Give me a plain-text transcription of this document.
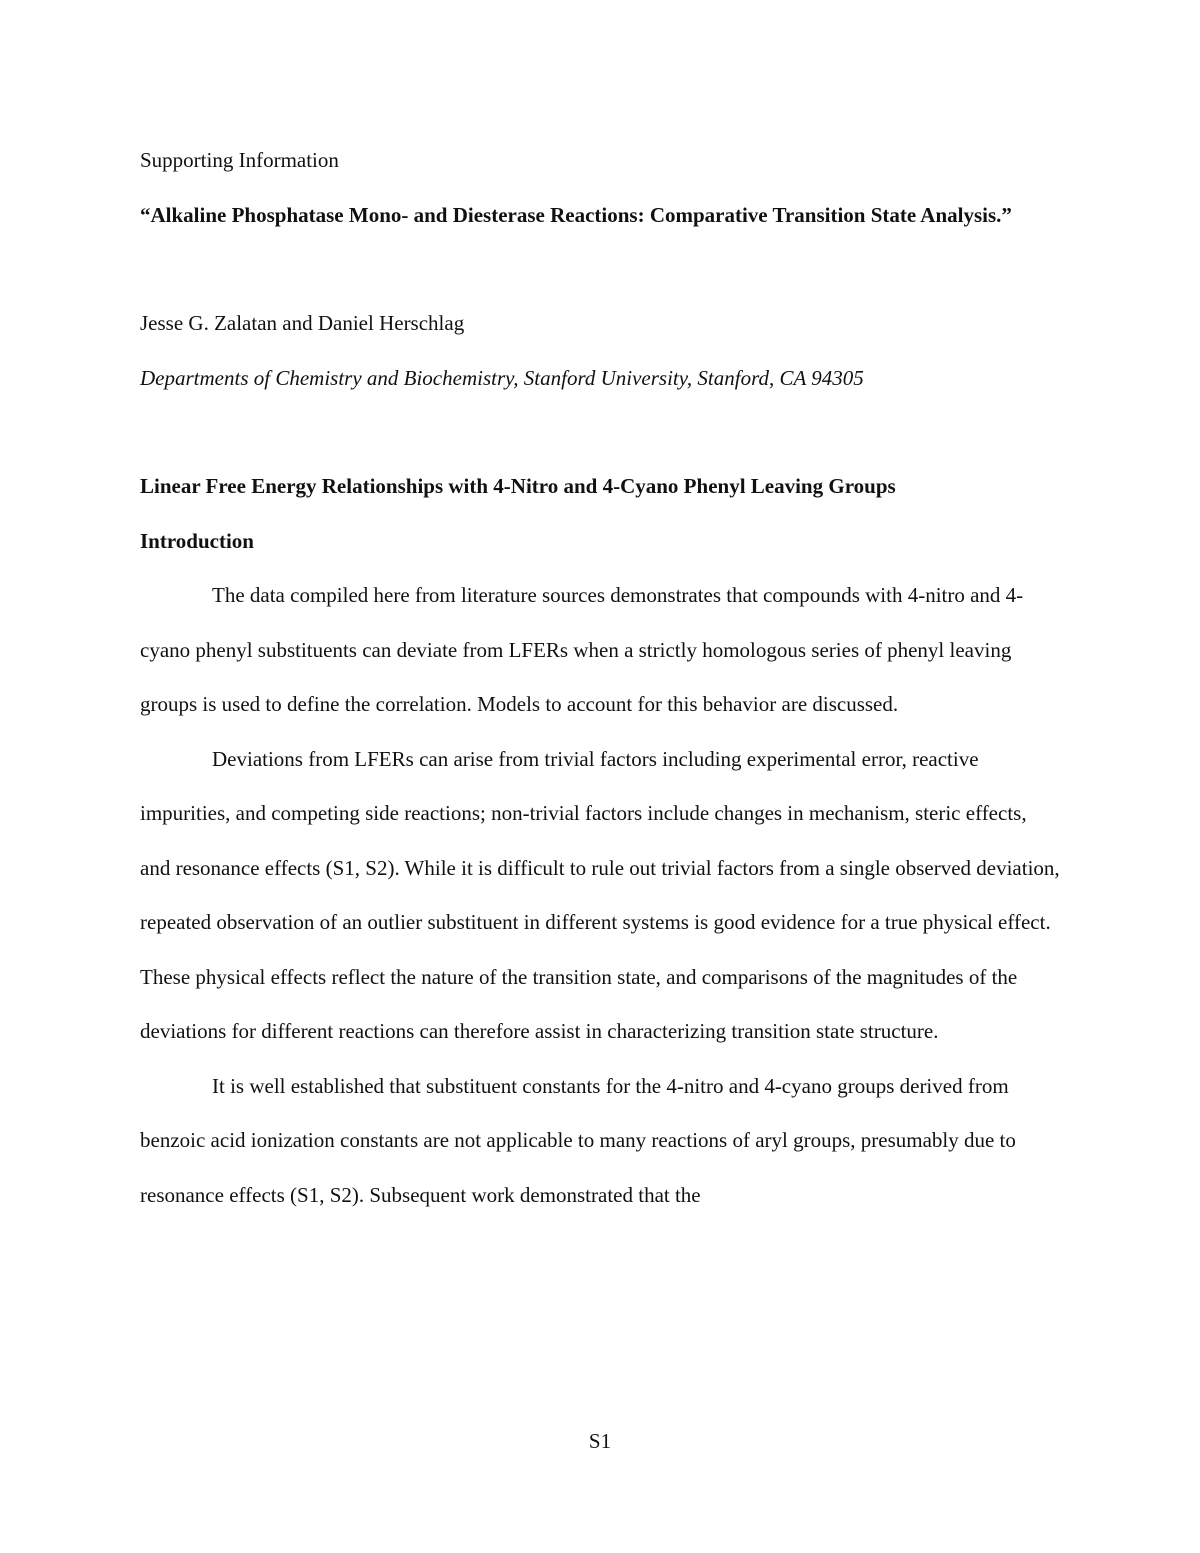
Supporting Information

“Alkaline Phosphatase Mono- and Diesterase Reactions: Comparative Transition State Analysis.”

Jesse G. Zalatan and Daniel Herschlag

Departments of Chemistry and Biochemistry, Stanford University, Stanford, CA 94305

Linear Free Energy Relationships with 4-Nitro and 4-Cyano Phenyl Leaving Groups

Introduction

The data compiled here from literature sources demonstrates that compounds with 4-nitro and 4-cyano phenyl substituents can deviate from LFERs when a strictly homologous series of phenyl leaving groups is used to define the correlation. Models to account for this behavior are discussed.

Deviations from LFERs can arise from trivial factors including experimental error, reactive impurities, and competing side reactions; non-trivial factors include changes in mechanism, steric effects, and resonance effects (S1, S2). While it is difficult to rule out trivial factors from a single observed deviation, repeated observation of an outlier substituent in different systems is good evidence for a true physical effect. These physical effects reflect the nature of the transition state, and comparisons of the magnitudes of the deviations for different reactions can therefore assist in characterizing transition state structure.

It is well established that substituent constants for the 4-nitro and 4-cyano groups derived from benzoic acid ionization constants are not applicable to many reactions of aryl groups, presumably due to resonance effects (S1, S2). Subsequent work demonstrated that the

S1
